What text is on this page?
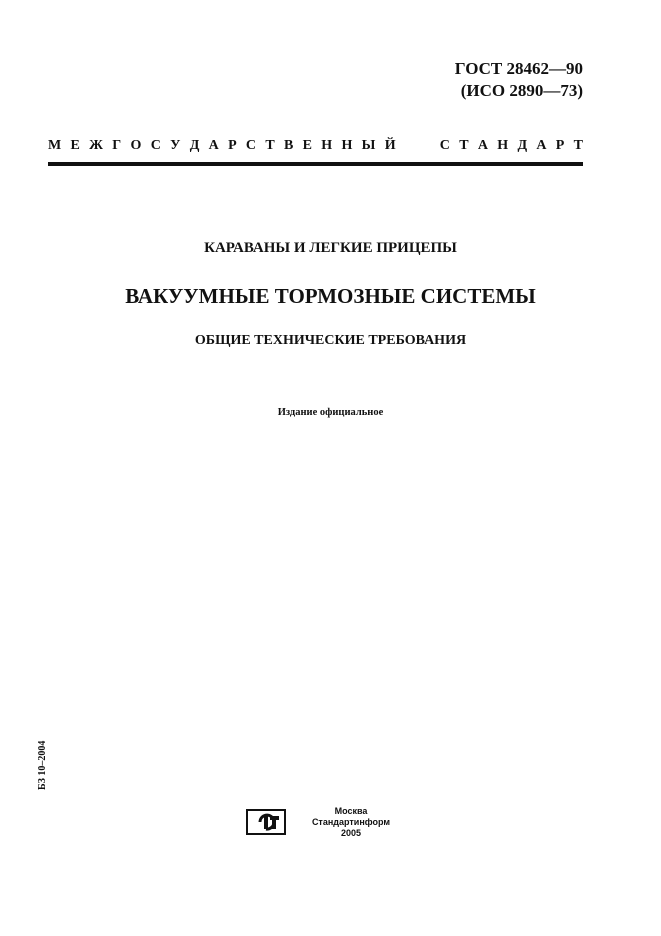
ГОСТ 28462—90
(ИСО 2890—73)
М Е Ж Г О С У Д А Р С Т В Е Н Н Ы Й	С Т А Н Д А Р Т
КАРАВАНЫ И ЛЕГКИЕ ПРИЦЕПЫ
ВАКУУМНЫЕ ТОРМОЗНЫЕ СИСТЕМЫ
ОБЩИЕ ТЕХНИЧЕСКИЕ ТРЕБОВАНИЯ
Издание официальное
БЗ 10–2004
Москва
Стандартинформ
2005
